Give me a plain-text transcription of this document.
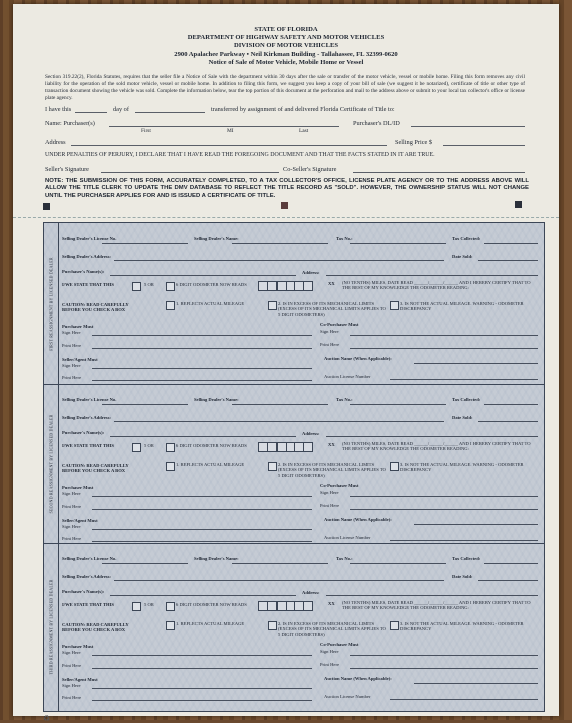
STATE OF FLORIDA
DEPARTMENT OF HIGHWAY SAFETY AND MOTOR VEHICLES
DIVISION OF MOTOR VEHICLES
2900 Apalachee Parkway • Neil Kirkman Building - Tallahassee, FL 32399-0620
Notice of Sale of Motor Vehicle, Mobile Home or Vessel
Section 319.22(2), Florida Statutes, requires that the seller file a Notice of Sale with the department within 30 days after the sale or transfer of the motor vehicle, vessel or mobile home. Filing this form removes any civil liability for the operation of the sold motor vehicle, vessel or mobile home. In addition to filing this form, we suggest you keep a copy of your bill of sale (we suggest it be notarized), certificate of title or other type of transaction document showing the vehicle was sold. Complete the information below, tear the top portion of this document at the perforation and mail to the address above or submit to your local tax collector's office or license plate agency.
I have this	day of	transferred by assignment of and delivered Florida Certificate of Title to:
Name: Purchaser(s)	Purchaser's DL/ID
First	MI	Last
Address	Selling Price $
UNDER PENALTIES OF PERJURY, I DECLARE THAT I HAVE READ THE FOREGOING DOCUMENT AND THAT THE FACTS STATED IN IT ARE TRUE.
Seller's Signature	Co-Seller's Signature
NOTE: THE SUBMISSION OF THIS FORM, ACCURATELY COMPLETED, TO A TAX COLLECTOR'S OFFICE, LICENSE PLATE AGENCY OR TO THE ADDRESS ABOVE WILL ALLOW THE TITLE CLERK TO UPDATE THE DMV DATABASE TO REFLECT THE TITLE RECORD AS "SOLD". HOWEVER, THE OWNERSHIP STATUS WILL NOT CHANGE UNTIL THE PURCHASER APPLIES FOR AND IS ISSUED A CERTIFICATE OF TITLE.
FIRST REASSIGNMENT BY LICENSED DEALER
Selling Dealer's License No.	Selling Dealer's Name:	Tax No.:	Tax Collected:
Selling Dealer's Address:	Date Sold:
Purchaser's Name(s):	Address:
I/WE STATE THAT THIS	5 OR	6 DIGIT ODOMETER NOW READS	XX
CAUTION: READ CAREFULLY BEFORE YOU CHECK A BOX
1. REFLECTS ACTUAL MILEAGE	2. IS IN EXCESS OF ITS MECHANICAL LIMITS (EXCESS OF ITS MECHANICAL LIMITS APPLIES TO 5 DIGIT ODOMETERS)
3. IS NOT THE ACTUAL MILEAGE. WARNING - ODOMETER DISCREPANCY
Purchaser Must
Sign Here
Print Here
Co-Purchaser Must
Sign Here
Print Here
Seller/Agent Must
Sign Here
Print Here
Auction Name (When Applicable):
Auction License Number
(NO TENTHS) MILES, DATE READ ______/______/______ AND I HEREBY CERTIFY THAT TO THE BEST OF MY KNOWLEDGE THE ODOMETER READING:
SECOND REASSIGNMENT BY LICENSED DEALER
Selling Dealer's License No.	Selling Dealer's Name:	Tax No.:	Tax Collected:
Selling Dealer's Address:	Date Sold:
Purchaser's Name(s):	Address:
I/WE STATE THAT THIS	5 OR	6 DIGIT ODOMETER NOW READS	XX
CAUTION: READ CAREFULLY BEFORE YOU CHECK A BOX
1. REFLECTS ACTUAL MILEAGE	2. IS IN EXCESS OF ITS MECHANICAL LIMITS (EXCESS OF ITS MECHANICAL LIMITS APPLIES TO 5 DIGIT ODOMETERS)
3. IS NOT THE ACTUAL MILEAGE. WARNING - ODOMETER DISCREPANCY
Purchaser Must
Sign Here
Print Here
Co-Purchaser Must
Sign Here
Print Here
Seller/Agent Must
Sign Here
Print Here
Auction Name (When Applicable):
Auction License Number
(NO TENTHS) MILES, DATE READ ______/______/______ AND I HEREBY CERTIFY THAT TO THE BEST OF MY KNOWLEDGE THE ODOMETER READING:
THIRD REASSIGNMENT BY LICENSED DEALER
Selling Dealer's License No.	Selling Dealer's Name:	Tax No.:	Tax Collected:
Selling Dealer's Address:	Date Sold:
Purchaser's Name(s):	Address:
I/WE STATE THAT THIS	5 OR	6 DIGIT ODOMETER NOW READS	XX
CAUTION: READ CAREFULLY BEFORE YOU CHECK A BOX
1. REFLECTS ACTUAL MILEAGE	2. IS IN EXCESS OF ITS MECHANICAL LIMITS (EXCESS OF ITS MECHANICAL LIMITS APPLIES TO 5 DIGIT ODOMETERS)
3. IS NOT THE ACTUAL MILEAGE. WARNING - ODOMETER DISCREPANCY
Purchaser Must
Sign Here
Print Here
Co-Purchaser Must
Sign Here
Print Here
Seller/Agent Must
Sign Here
Print Here
Auction Name (When Applicable):
Auction License Number
(NO TENTHS) MILES, DATE READ ______/______/______ AND I HEREBY CERTIFY THAT TO THE BEST OF MY KNOWLEDGE THE ODOMETER READING:
♻
